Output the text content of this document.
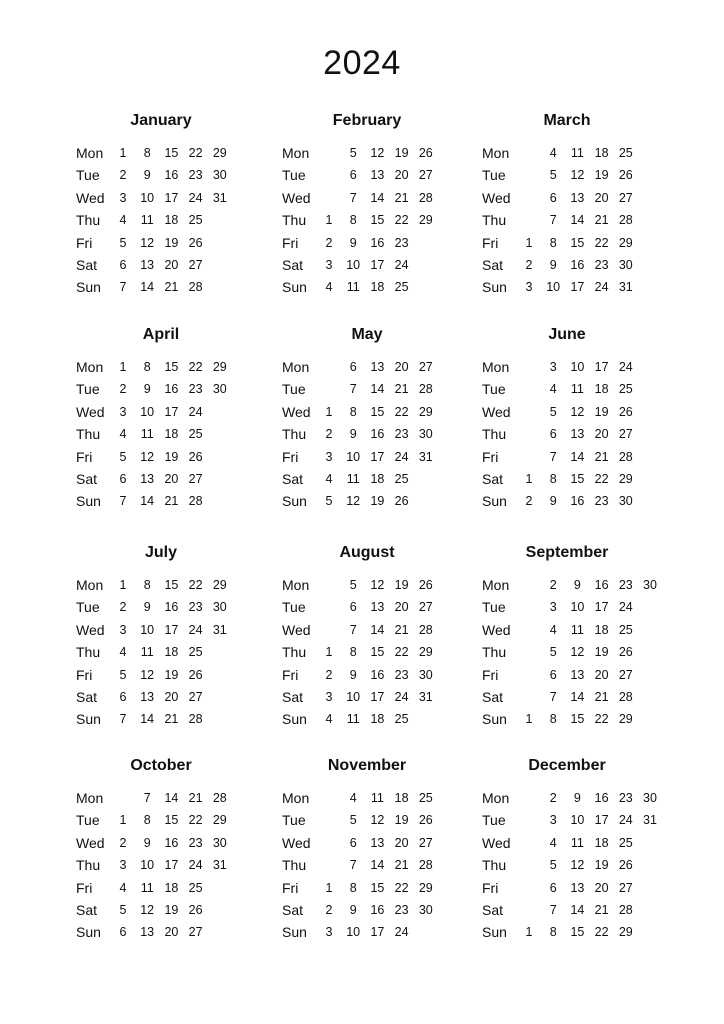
2024
January
Mon
Tue
Wed
Thu
Fri
Sat
Sun
1
2
3
4
5
6
7
8
9
10
11
12
13
14
15
16
17
18
19
20
21
22
23
24
25
26
27
28
29
30
31
February
Mon
Tue
Wed
Thu
Fri
Sat
Sun
1
2
3
4
5
6
7
8
9
10
11
12
13
14
15
16
17
18
19
20
21
22
23
24
25
26
27
28
29
March
Mon
Tue
Wed
Thu
Fri
Sat
Sun
1
2
3
4
5
6
7
8
9
10
11
12
13
14
15
16
17
18
19
20
21
22
23
24
25
26
27
28
29
30
31
April
Mon
Tue
Wed
Thu
Fri
Sat
Sun
1
2
3
4
5
6
7
8
9
10
11
12
13
14
15
16
17
18
19
20
21
22
23
24
25
26
27
28
29
30
May
Mon
Tue
Wed
Thu
Fri
Sat
Sun
1
2
3
4
5
6
7
8
9
10
11
12
13
14
15
16
17
18
19
20
21
22
23
24
25
26
27
28
29
30
31
June
Mon
Tue
Wed
Thu
Fri
Sat
Sun
1
2
3
4
5
6
7
8
9
10
11
12
13
14
15
16
17
18
19
20
21
22
23
24
25
26
27
28
29
30
July
Mon
Tue
Wed
Thu
Fri
Sat
Sun
1
2
3
4
5
6
7
8
9
10
11
12
13
14
15
16
17
18
19
20
21
22
23
24
25
26
27
28
29
30
31
August
Mon
Tue
Wed
Thu
Fri
Sat
Sun
1
2
3
4
5
6
7
8
9
10
11
12
13
14
15
16
17
18
19
20
21
22
23
24
25
26
27
28
29
30
31
September
Mon
Tue
Wed
Thu
Fri
Sat
Sun	1
2
3
4
5
6
7
8
9
10
11
12
13
14
15
16
17
18
19
20
21
22
23
24
25
26
27
28
29
30
October
Mon
Tue
Wed
Thu
Fri
Sat
Sun
1
2
3
4
5
6
7
8
9
10
11
12
13
14
15
16
17
18
19
20
21
22
23
24
25
26
27
28
29
30
31
November
Mon
Tue
Wed
Thu
Fri
Sat
Sun
1
2
3
4
5
6
7
8
9
10
11
12
13
14
15
16
17
18
19
20
21
22
23
24
25
26
27
28
29
30
December
Mon
Tue
Wed
Thu
Fri
Sat
Sun	1
2
3
4
5
6
7
8
9
10
11
12
13
14
15
16
17
18
19
20
21
22
23
24
25
26
27
28
29
30
31
